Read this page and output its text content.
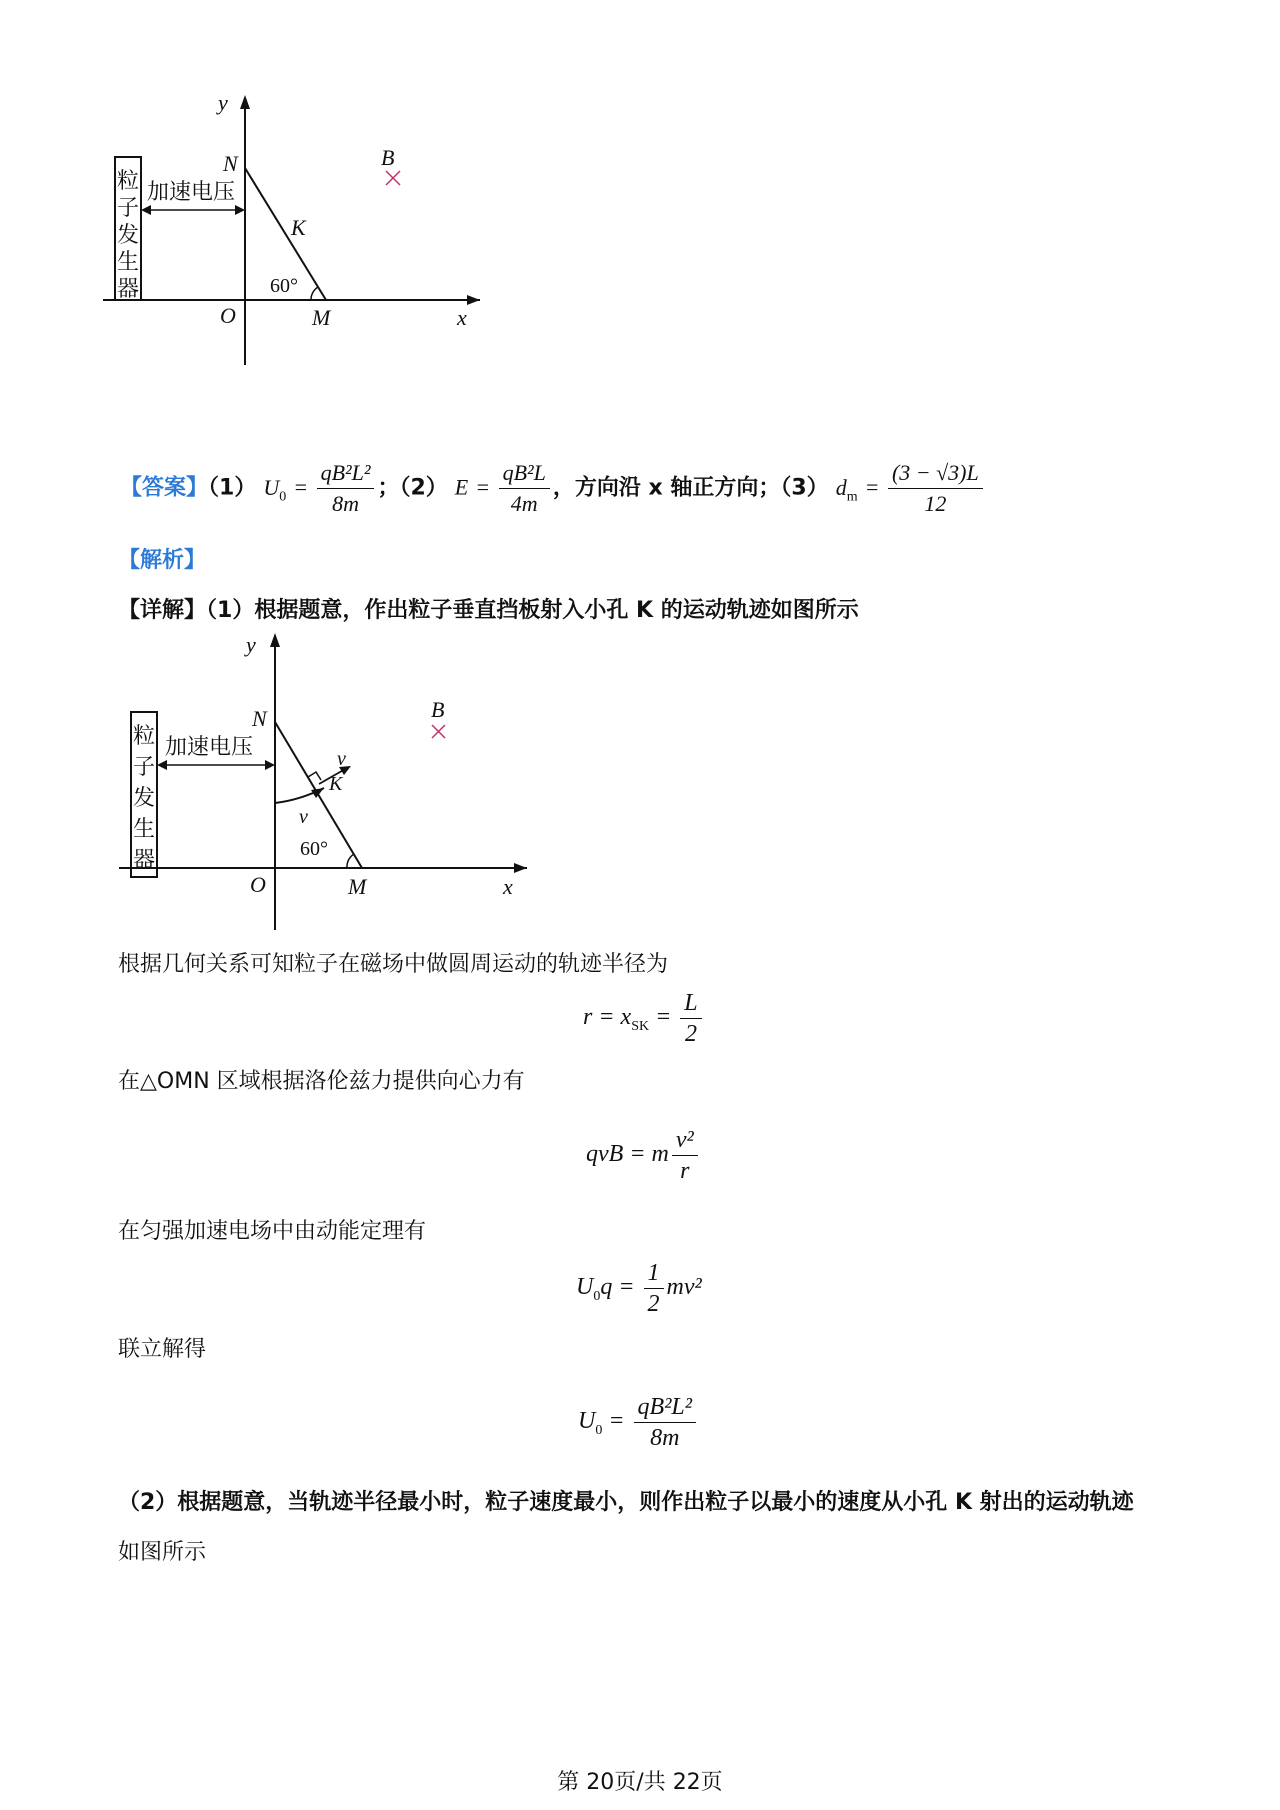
y
x
O
N
M
K
B
60°
加速电压
粒
子
发
生
器
【答案】（1） $U_0 = \frac{\text{qB²L²}}{8m}$ ；（2） $E = \frac{\text{qB²L}}{4m}$ ，方向沿 x 轴正方向；（3） $d_m = \frac{(3 - √3)L}{12}$
【解析】
【详解】（1）根据题意，作出粒子垂直挡板射入小孔 K 的运动轨迹如图所示
y
x
O
N
M
K
B
60°
v
v
加速电压
粒
子
发
生
器
根据几何关系可知粒子在磁场中做圆周运动的轨迹半径为
$r = x_{SK} = \frac{L}{2}$
在△OMN 区域根据洛伦兹力提供向心力有
qvB = m $\frac{\text{v²}}{r}$
在匀强加速电场中由动能定理有
$U_0q = \frac{1}{2} mv^2$
联立解得
$U_0 = \frac{\text{qB²L²}}{8m}$
（2）根据题意，当轨迹半径最小时，粒子速度最小，则作出粒子以最小的速度从小孔 K 射出的运动轨迹
如图所示
第 20页/共 22页
